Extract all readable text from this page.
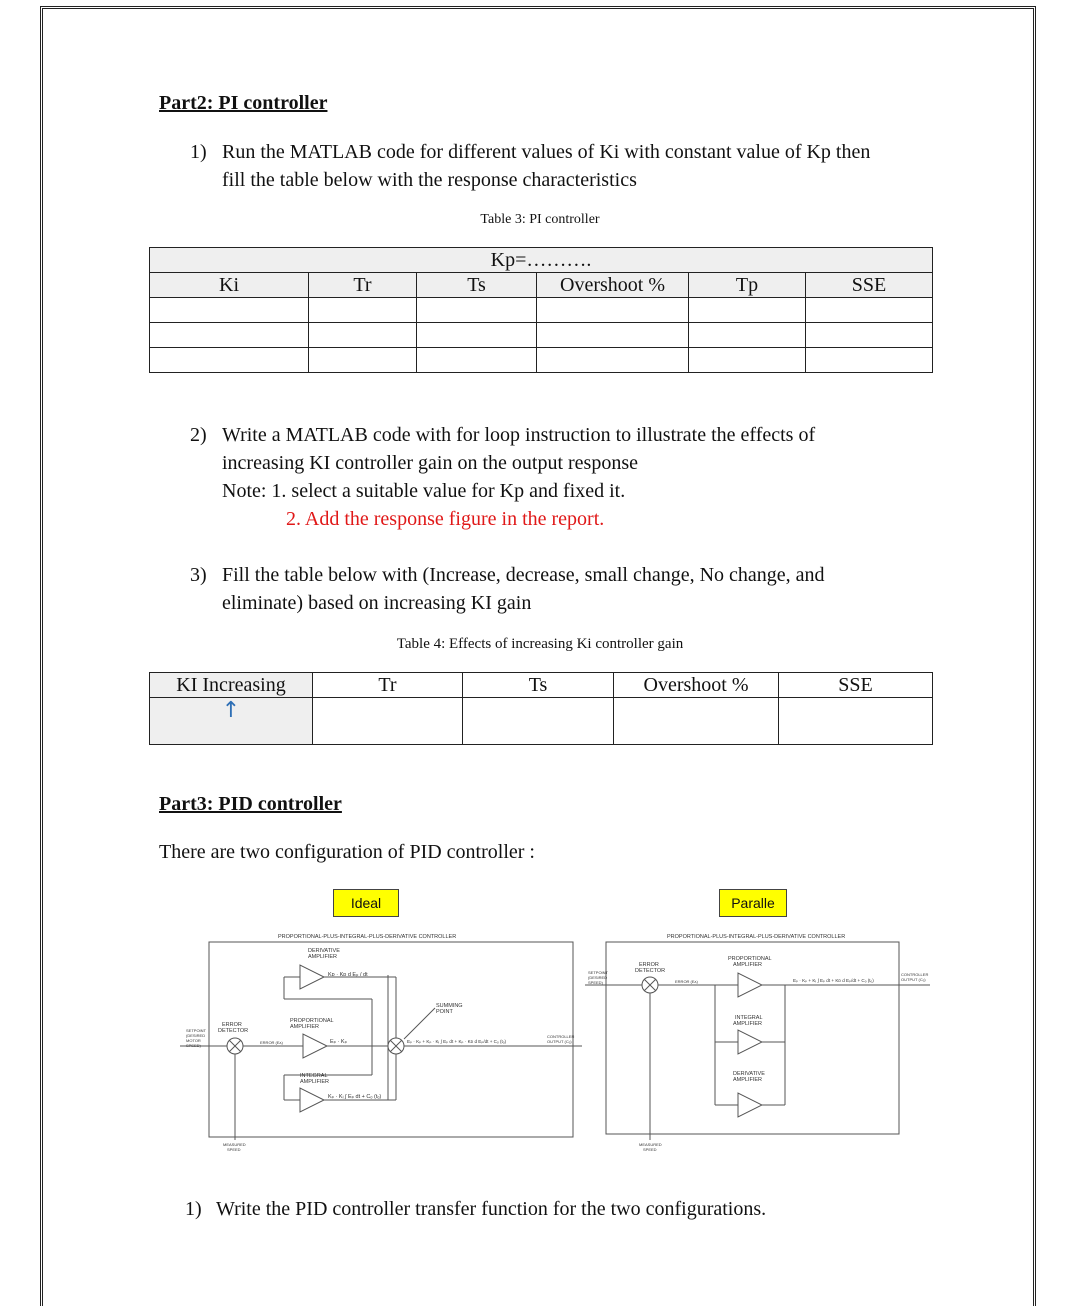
Part2: PI controller
1) Run the MATLAB code for different values of Ki with constant value of Kp then
fill the table below with the response characteristics
Table 3: PI controller
Kp=……….					
Ki	Tr	Ts	Overshoot %	Tp	SSE

2) Write a MATLAB code with for loop instruction to illustrate the effects of
increasing KI controller gain on the output response
Note: 1. select a suitable value for Kp and fixed it.
2. Add the response figure in the report.
3) Fill the table below with (Increase, decrease, small change, No change, and
eliminate) based on increasing KI gain
Table 4: Effects of increasing Ki controller gain
KI Increasing	Tr	Ts	Overshoot %	SSE
↑				
Part3: PID controller
There are two configuration of PID controller :
Ideal	Paralle
PROPORTIONAL-PLUS-INTEGRAL-PLUS-DERIVATIVE CONTROLLER
DERIVATIVE
AMPLIFIER
Kᴅ · Kᴅ d Eₚ / dt
SUMMING
POINT
PROPORTIONAL
AMPLIFIER
ERROR
DETECTOR
ERROR (Eᴀ)
SETPOINT
(DESIRED
MOTOR
SPEED)
Eₚ · Kₚ	Eₚ · Kₚ + Kₚ · Kᵢ ∫ Eₚ dt + Kₚ · Kᴅ d Eₚ/dt + Cₒ (tₒ)
CONTROLLER
OUTPUT (Cₒ)
INTEGRAL
AMPLIFIER
Kₚ · Kᵢ ∫ Eₚ dt + Cₒ (tₒ)
MEASURED
SPEED
PROPORTIONAL-PLUS-INTEGRAL-PLUS-DERIVATIVE CONTROLLER
SETPOINT
(DESIRED
SPEED)
ERROR
DETECTOR
ERROR (Eᴀ)
PROPORTIONAL
AMPLIFIER
Eₚ · Kₚ + Kᵢ ∫ Eₚ dt + Kᴅ d Eₚ/dt + Cₒ (tₒ)
CONTROLLER
OUTPUT (Cₒ)
INTEGRAL
AMPLIFIER
DERIVATIVE
AMPLIFIER
MEASURED
SPEED
1) Write the PID controller transfer function for the two configurations.
